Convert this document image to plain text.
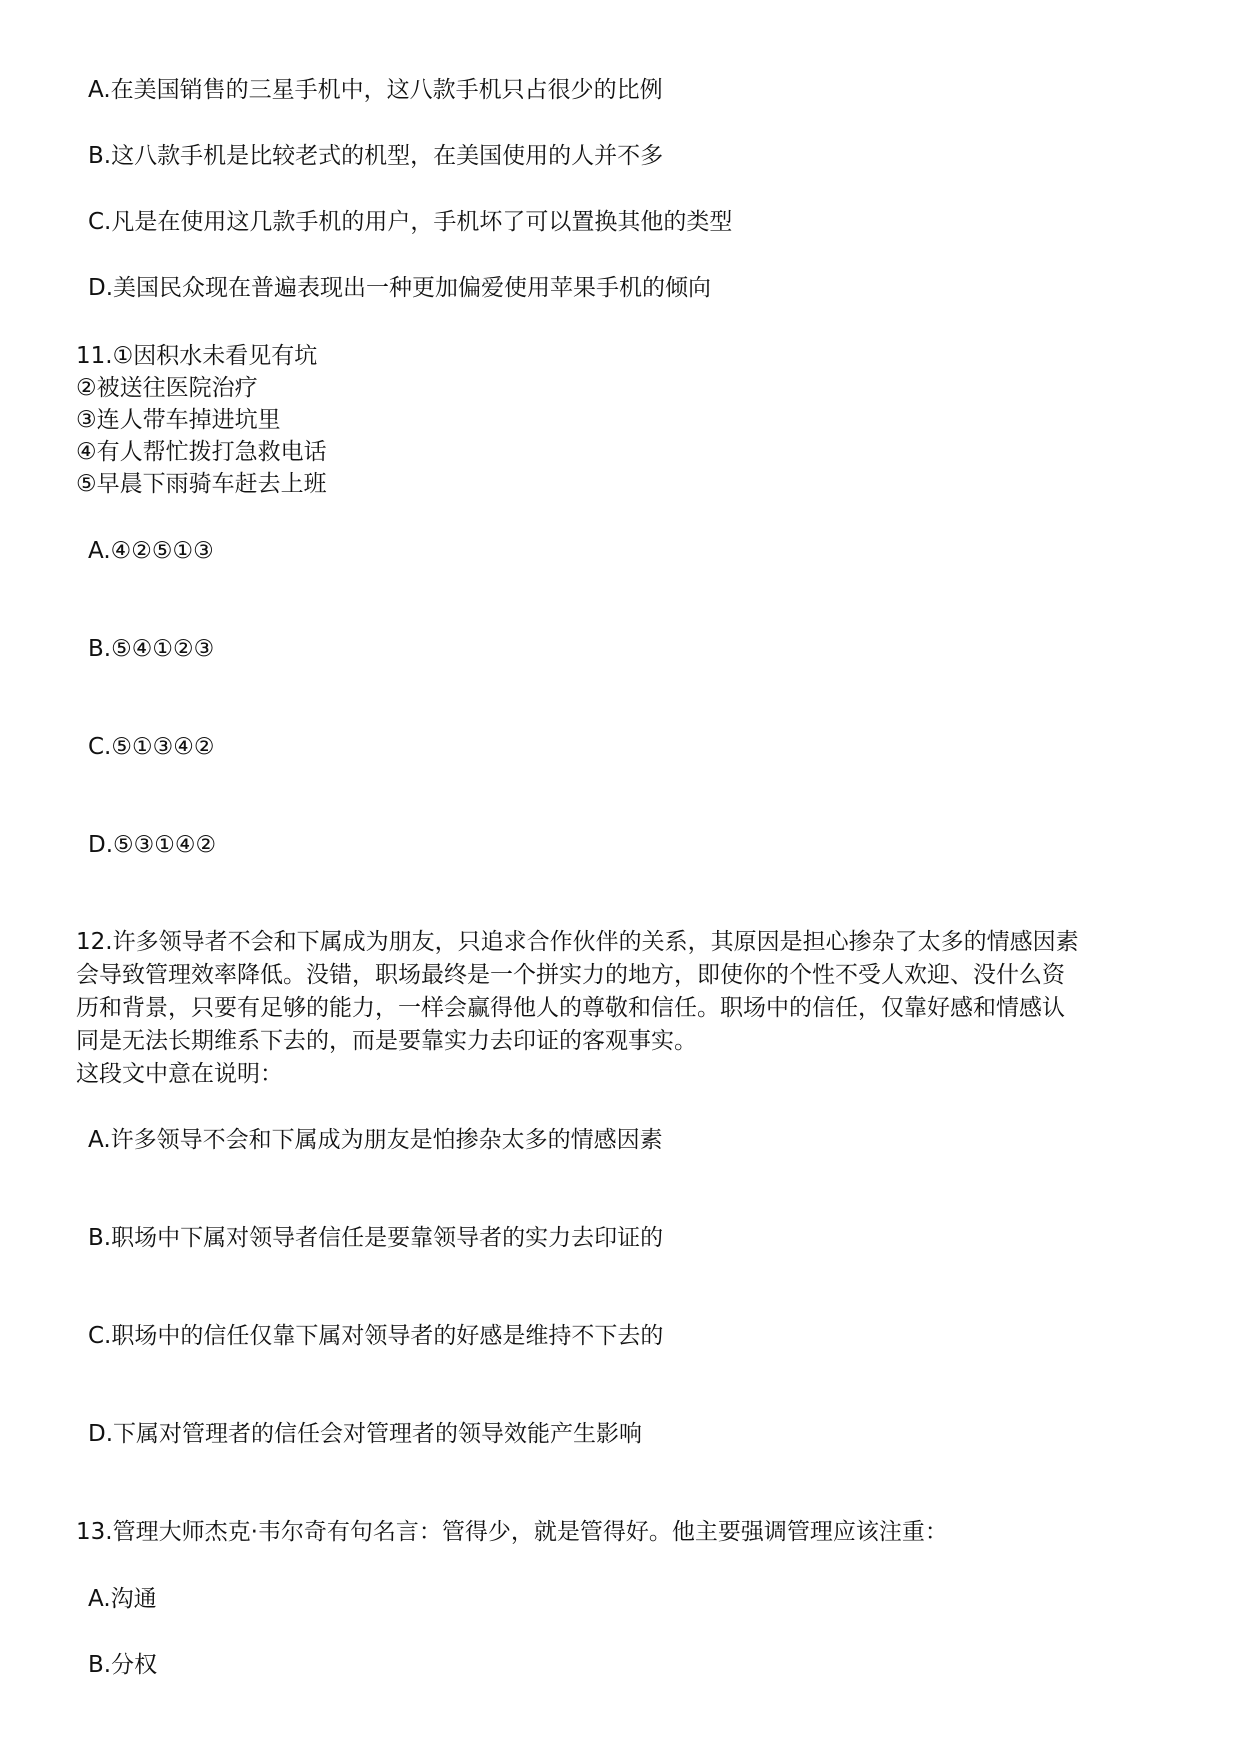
A.在美国销售的三星手机中，这八款手机只占很少的比例

B.这八款手机是比较老式的机型，在美国使用的人并不多

C.凡是在使用这几款手机的用户，手机坏了可以置换其他的类型

D.美国民众现在普遍表现出一种更加偏爱使用苹果手机的倾向

11.①因积水未看见有坑

②被送往医院治疗

③连人带车掉进坑里

④有人帮忙拨打急救电话

⑤早晨下雨骑车赶去上班

A.④②⑤①③

B.⑤④①②③

C.⑤①③④②

D.⑤③①④②

12.许多领导者不会和下属成为朋友，只追求合作伙伴的关系，其原因是担心掺杂了太多的情感因素

会导致管理效率降低。没错，职场最终是一个拼实力的地方，即使你的个性不受人欢迎、没什么资

历和背景，只要有足够的能力，一样会赢得他人的尊敬和信任。职场中的信任，仅靠好感和情感认

同是无法长期维系下去的，而是要靠实力去印证的客观事实。

这段文中意在说明：

A.许多领导不会和下属成为朋友是怕掺杂太多的情感因素

B.职场中下属对领导者信任是要靠领导者的实力去印证的

C.职场中的信任仅靠下属对领导者的好感是维持不下去的

D.下属对管理者的信任会对管理者的领导效能产生影响

13.管理大师杰克·韦尔奇有句名言：管得少，就是管得好。他主要强调管理应该注重：

A.沟通

B.分权
